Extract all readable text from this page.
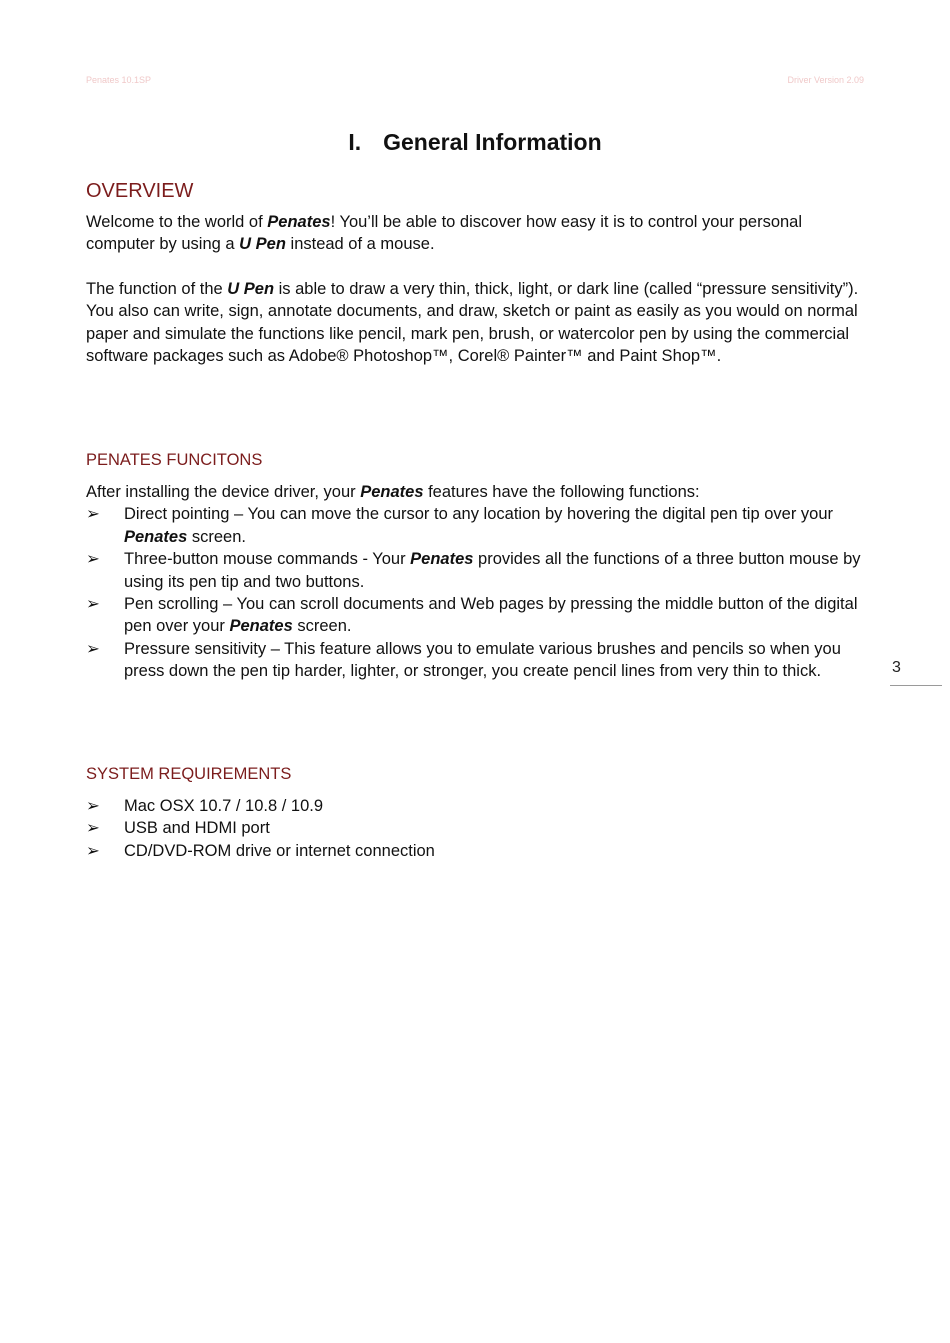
Penates 10.1SP	Driver Version 2.09
I. General Information
OVERVIEW

Welcome to the world of Penates! You’ll be able to discover how easy it is to control your personal computer by using a U Pen instead of a mouse.

The function of the U Pen is able to draw a very thin, thick, light, or dark line (called “pressure sensitivity”). You also can write, sign, annotate documents, and draw, sketch or paint as easily as you would on normal paper and simulate the functions like pencil, mark pen, brush, or watercolor pen by using the commercial software packages such as Adobe® Photoshop™, Corel® Painter™ and Paint Shop™.

PENATES FUNCITONS

After installing the device driver, your Penates features have the following functions:

➢	Direct pointing – You can move the cursor to any location by hovering the digital pen tip over your Penates screen.
➢	Three-button mouse commands - Your Penates provides all the functions of a three button mouse by using its pen tip and two buttons.
➢	Pen scrolling – You can scroll documents and Web pages by pressing the middle button of the digital pen over your Penates screen.
➢	Pressure sensitivity – This feature allows you to emulate various brushes and pencils so when you press down the pen tip harder, lighter, or stronger, you create pencil lines from very thin to thick.
SYSTEM REQUIREMENTS
➢	Mac OSX 10.7 / 10.8 / 10.9
➢	USB and HDMI port
➢	CD/DVD-ROM drive or internet connection
3
